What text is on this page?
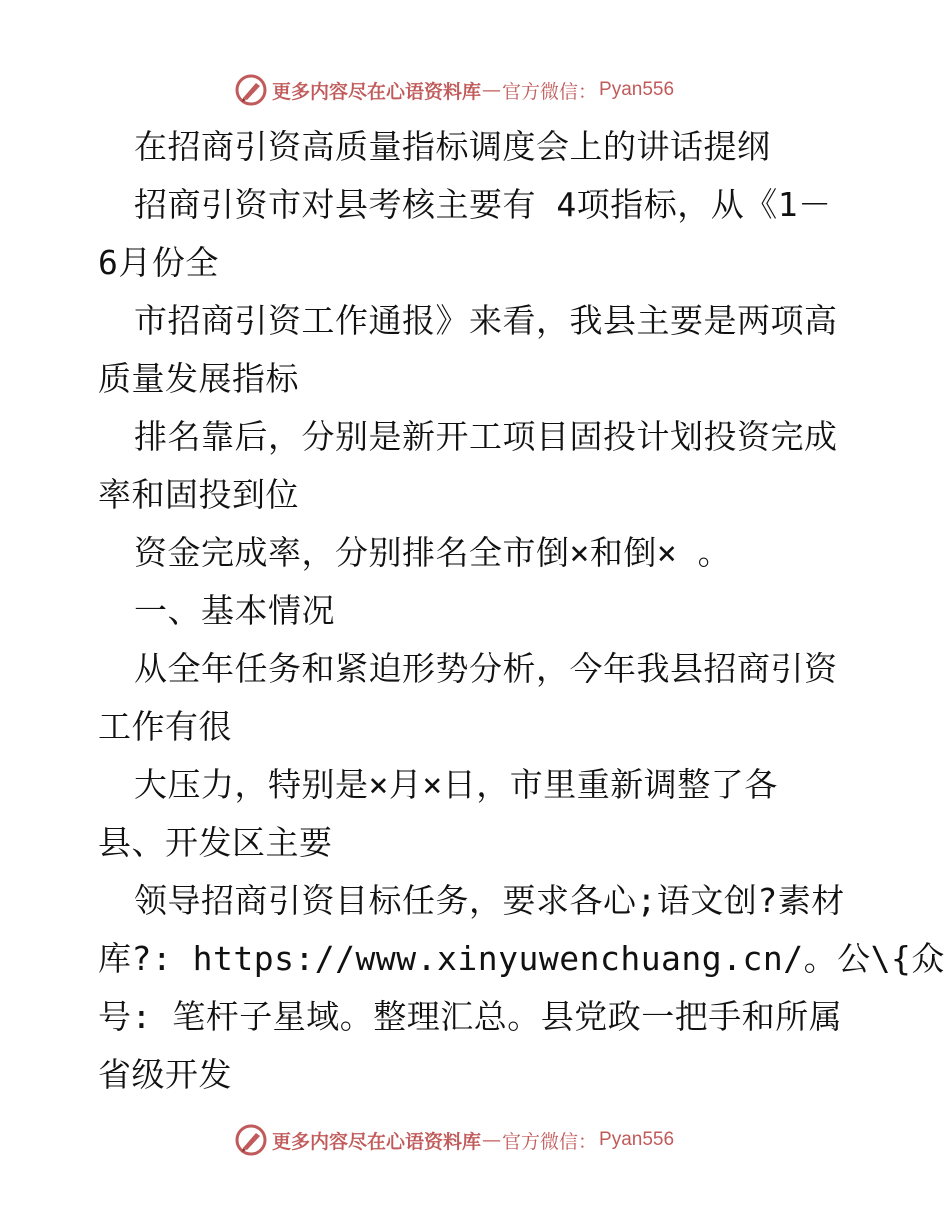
更多内容尽在心语资料库 — 官方微信： Pyan556
在招商引资高质量指标调度会上的讲话提纲
招商引资市对县考核主要有 4项指标，从《1－
6月份全
市招商引资工作通报》来看，我县主要是两项高
质量发展指标
排名靠后，分别是新开工项目固投计划投资完成
率和固投到位
资金完成率，分别排名全市倒×和倒× 。
一、基本情况
从全年任务和紧迫形势分析，今年我县招商引资
工作有很
大压力，特别是×月×日，市里重新调整了各
县、开发区主要
领导招商引资目标任务，要求各心;语文创?素材
库?: https://www.xinyuwenchuang.cn/。公\{众
号: 笔杆子星域。整理汇总。县党政一把手和所属
省级开发
更多内容尽在心语资料库 — 官方微信： Pyan556
